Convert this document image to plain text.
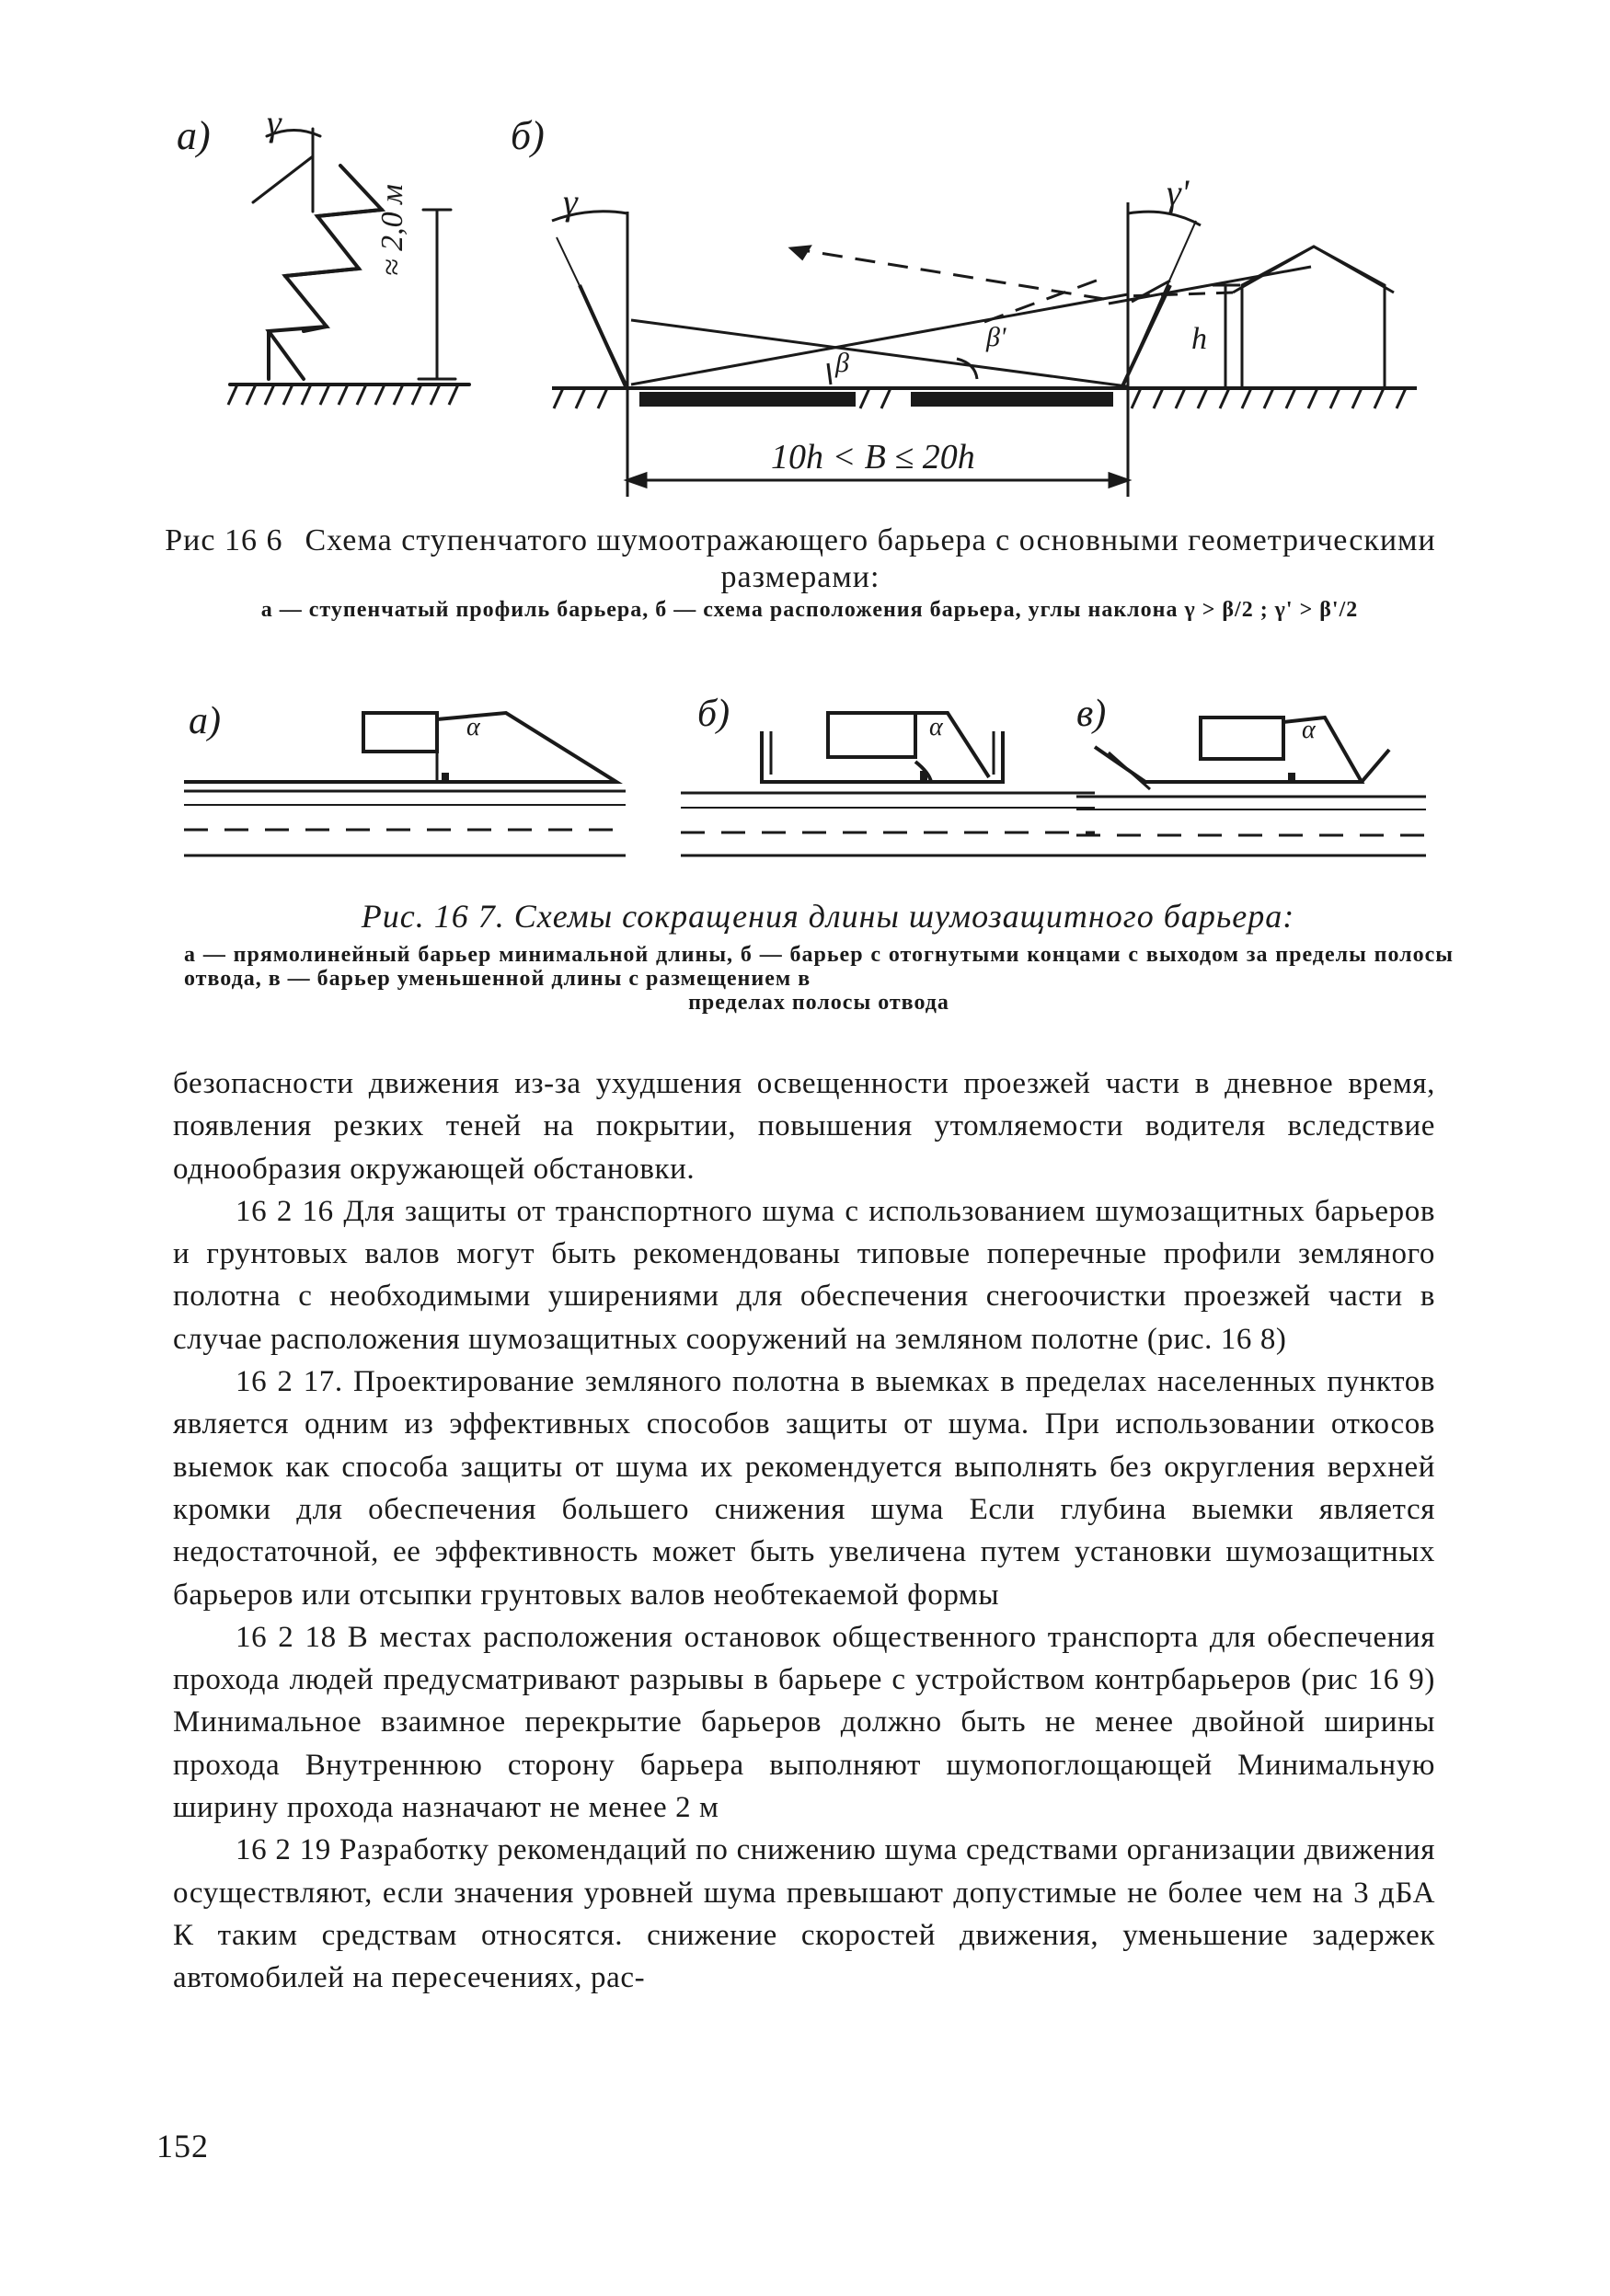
а)	б)
γ
≈ 2,0 м	γ	γ'
β
β'	h
10h < B ≤ 20h
Рис 16 6 Схема ступенчатого шумоотражающего барьера с основными геометрическими размерами:
а — ступенчатый профиль барьера, б — схема расположения барьера, углы наклона γ > β/2 ; γ' > β'/2
а)	б)	в)
α	α	α
Рис. 16 7. Схемы сокращения длины шумозащитного барьера:
а — прямолинейный барьер минимальной длины, б — барьер с отогнутыми концами с выходом за пределы полосы отвода, в — барьер уменьшенной длины с размещением в
пределах полосы отвода

безопасности движения из-за ухудшения освещенности проезжей части в дневное время, появления резких теней на покрытии, повышения утомляемости водителя вследствие однообразия окружающей обстановки.

16 2 16 Для защиты от транспортного шума с использованием шумозащитных барьеров и грунтовых валов могут быть рекомендованы типовые поперечные профили земляного полотна с необходимыми уширениями для обеспечения снегоочистки проезжей части в случае расположения шумозащитных сооружений на земляном полотне (рис. 16 8)

16 2 17. Проектирование земляного полотна в выемках в пределах населенных пунктов является одним из эффективных способов защиты от шума. При использовании откосов выемок как способа защиты от шума их рекомендуется выполнять без округления верхней кромки для обеспечения большего снижения шума Если глубина выемки является недостаточной, ее эффективность может быть увеличена путем установки шумозащитных барьеров или отсыпки грунтовых валов необтекаемой формы

16 2 18 В местах расположения остановок общественного транспорта для обеспечения прохода людей предусматривают разрывы в барьере с устройством контрбарьеров (рис 16 9) Минимальное взаимное перекрытие барьеров должно быть не менее двойной ширины прохода Внутреннюю сторону барьера выполняют шумопоглощающей Минимальную ширину прохода назначают не менее 2 м

16 2 19 Разработку рекомендаций по снижению шума средствами организации движения осуществляют, если значения уровней шума превышают допустимые не более чем на 3 дБА К таким средствам относятся. снижение скоростей движения, уменьшение задержек автомобилей на пересечениях, рас-

152
